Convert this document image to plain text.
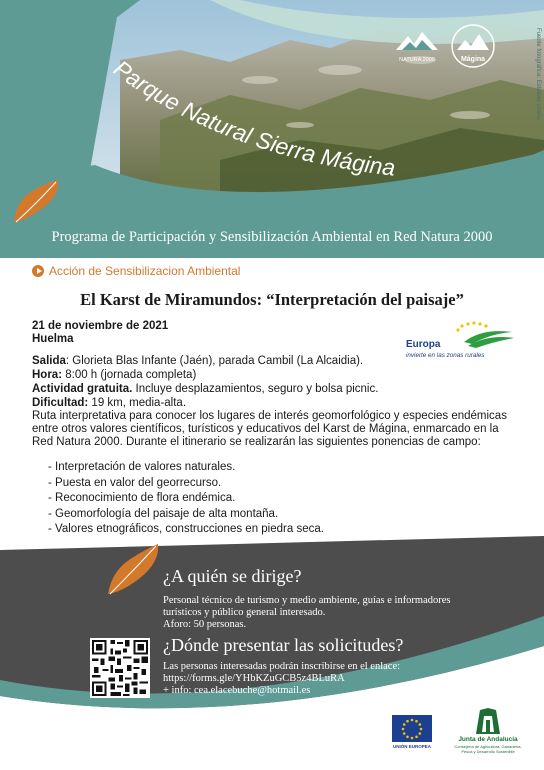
Parque Natural Sierra Mágina
Fuente fotográfica: Esteban Ureña
NATURA 2000	Mágina
Programa de Participación y Sensibilización Ambiental en Red Natura 2000
Acción de Sensibilizacion Ambiental
El Karst de Miramundos: “Interpretación del paisaje”
21 de noviembre de 2021
Huelma	Europa
invierte en las zonas rurales
Salida: Glorieta Blas Infante (Jaén), parada Cambil (La Alcaidia).
Hora: 8:00 h (jornada completa)
Actividad gratuita. Incluye desplazamientos, seguro y bolsa picnic.
Dificultad: 19 km, media-alta.
Ruta interpretativa para conocer los lugares de interés geomorfológico y especies endémicas entre otros valores científicos, turísticos y educativos del Karst de Mágina, enmarcado en la Red Natura 2000. Durante el itinerario se realizarán las siguientes ponencias de campo:
- Interpretación de valores naturales.
- Puesta en valor del georrecurso.
- Reconocimiento de flora endémica.
- Geomorfología del paisaje de alta montaña.
- Valores etnográficos, construcciones en piedra seca.
¿A quién se dirige?
Personal técnico de turismo y medio ambiente, guías e informadores
turísticos y público general interesado.
Aforo: 50 personas.
¿Dónde presentar las solicitudes?
Las personas interesadas podrán inscribirse en el enlace:
https://forms.gle/YHbKZuGCB5z4BLuRA
+ info: cea.elacebuche@hotmail.es
UNIÓN EUROPEA
Junta de Andalucía
Consejería de Agricultura, Ganadería,
Pesca y Desarrollo Sostenible
